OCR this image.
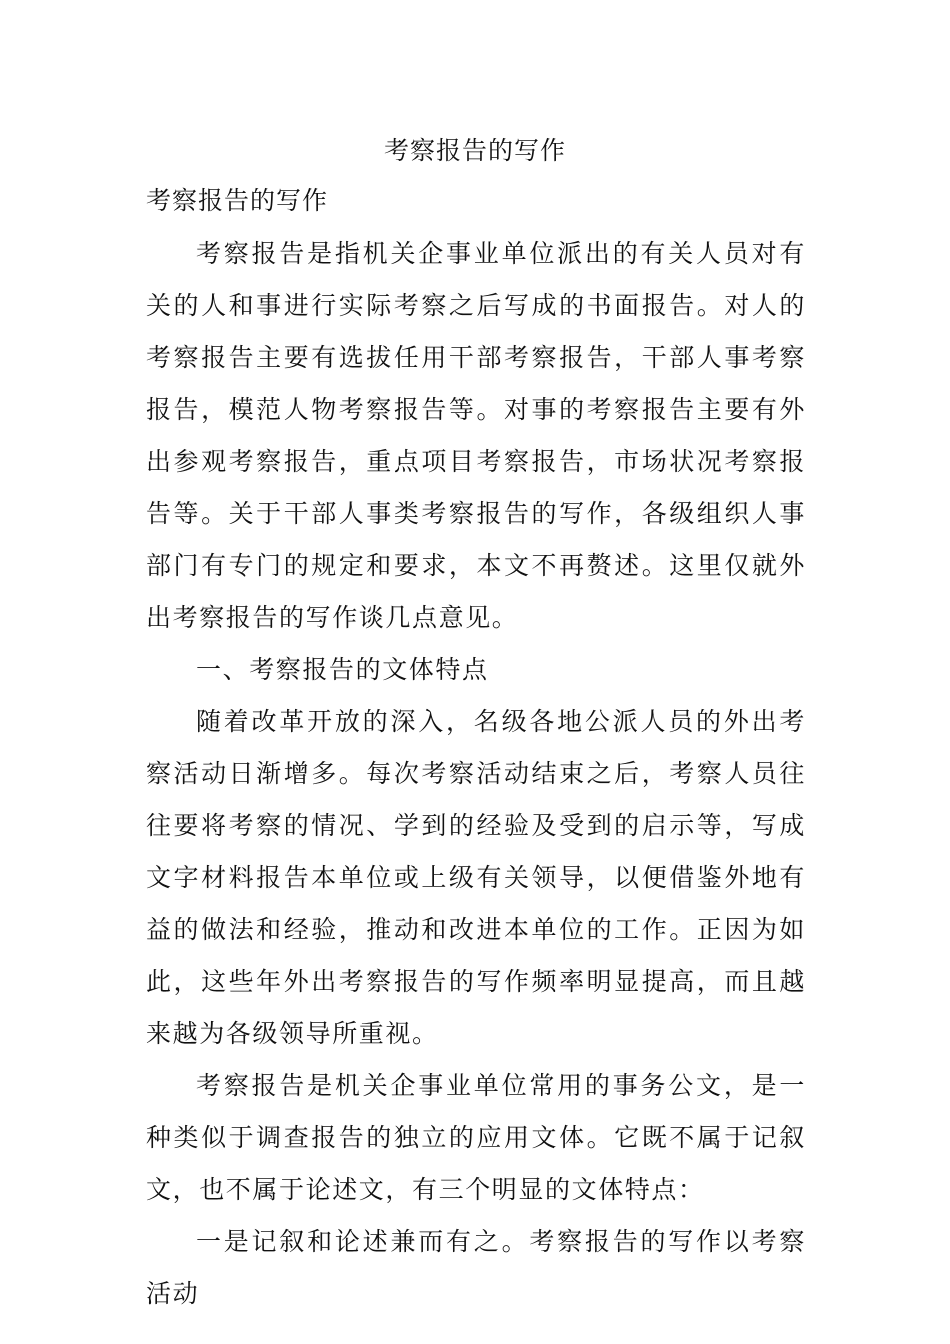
考察报告的写作
考察报告的写作

考察报告是指机关企事业单位派出的有关人员对有关的人和事进行实际考察之后写成的书面报告。对人的考察报告主要有选拔任用干部考察报告，干部人事考察报告，模范人物考察报告等。对事的考察报告主要有外出参观考察报告，重点项目考察报告，市场状况考察报告等。关于干部人事类考察报告的写作，各级组织人事部门有专门的规定和要求，本文不再赘述。这里仅就外出考察报告的写作谈几点意见。

一、考察报告的文体特点

随着改革开放的深入，名级各地公派人员的外出考察活动日渐增多。每次考察活动结束之后，考察人员往往要将考察的情况、学到的经验及受到的启示等，写成文字材料报告本单位或上级有关领导，以便借鉴外地有益的做法和经验，推动和改进本单位的工作。正因为如此，这些年外出考察报告的写作频率明显提高，而且越来越为各级领导所重视。

考察报告是机关企事业单位常用的事务公文，是一种类似于调查报告的独立的应用文体。它既不属于记叙文，也不属于论述文，有三个明显的文体特点：

一是记叙和论述兼而有之。考察报告的写作以考察活动
